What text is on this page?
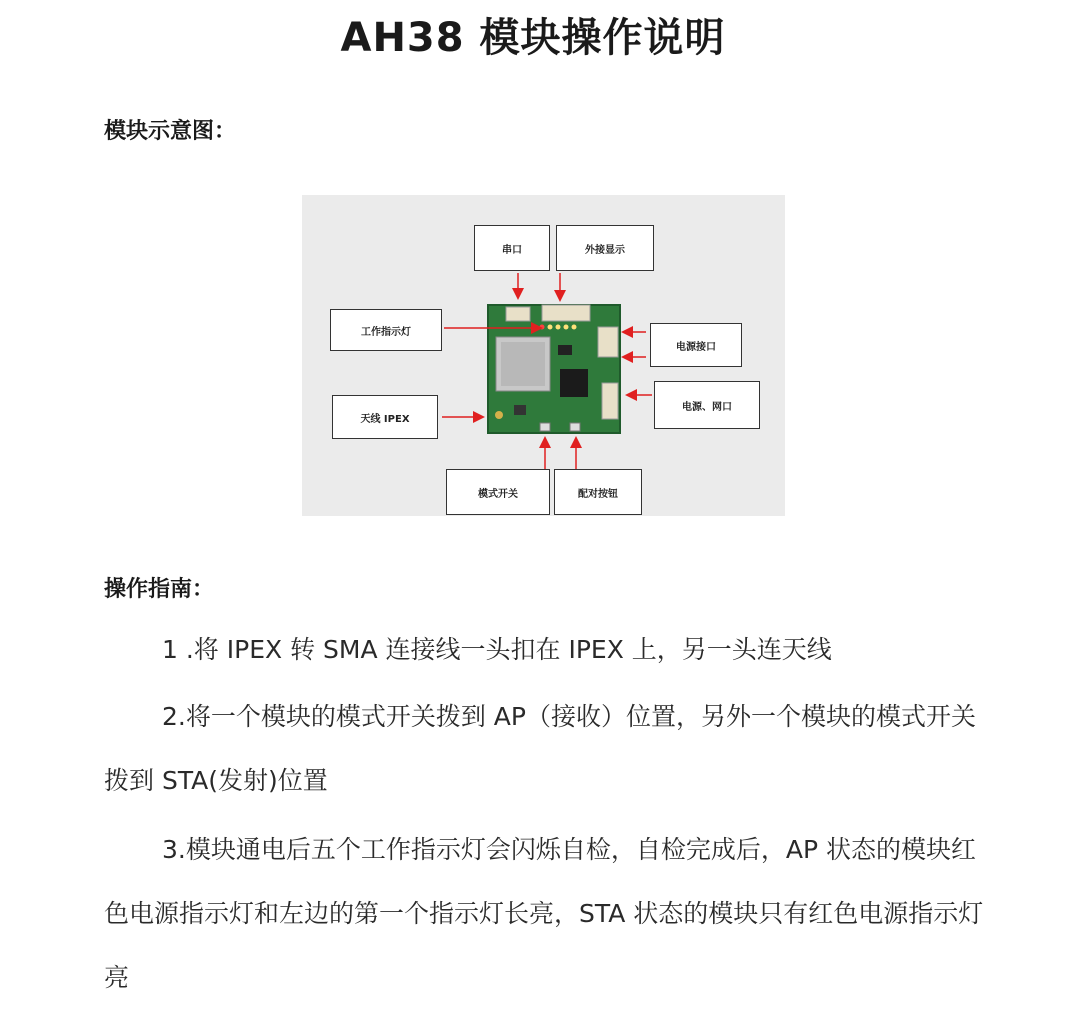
AH38 模块操作说明
模块示意图：
串口	外接显示
工作指示灯
电源接口
电源、网口
天线 IPEX
模式开关	配对按钮
操作指南：
1 .将 IPEX 转 SMA 连接线一头扣在 IPEX 上，另一头连天线
2.将一个模块的模式开关拨到 AP（接收）位置，另外一个模块的模式开关拨到 STA(发射)位置
3.模块通电后五个工作指示灯会闪烁自检，自检完成后，AP 状态的模块红色电源指示灯和左边的第一个指示灯长亮，STA 状态的模块只有红色电源指示灯亮
